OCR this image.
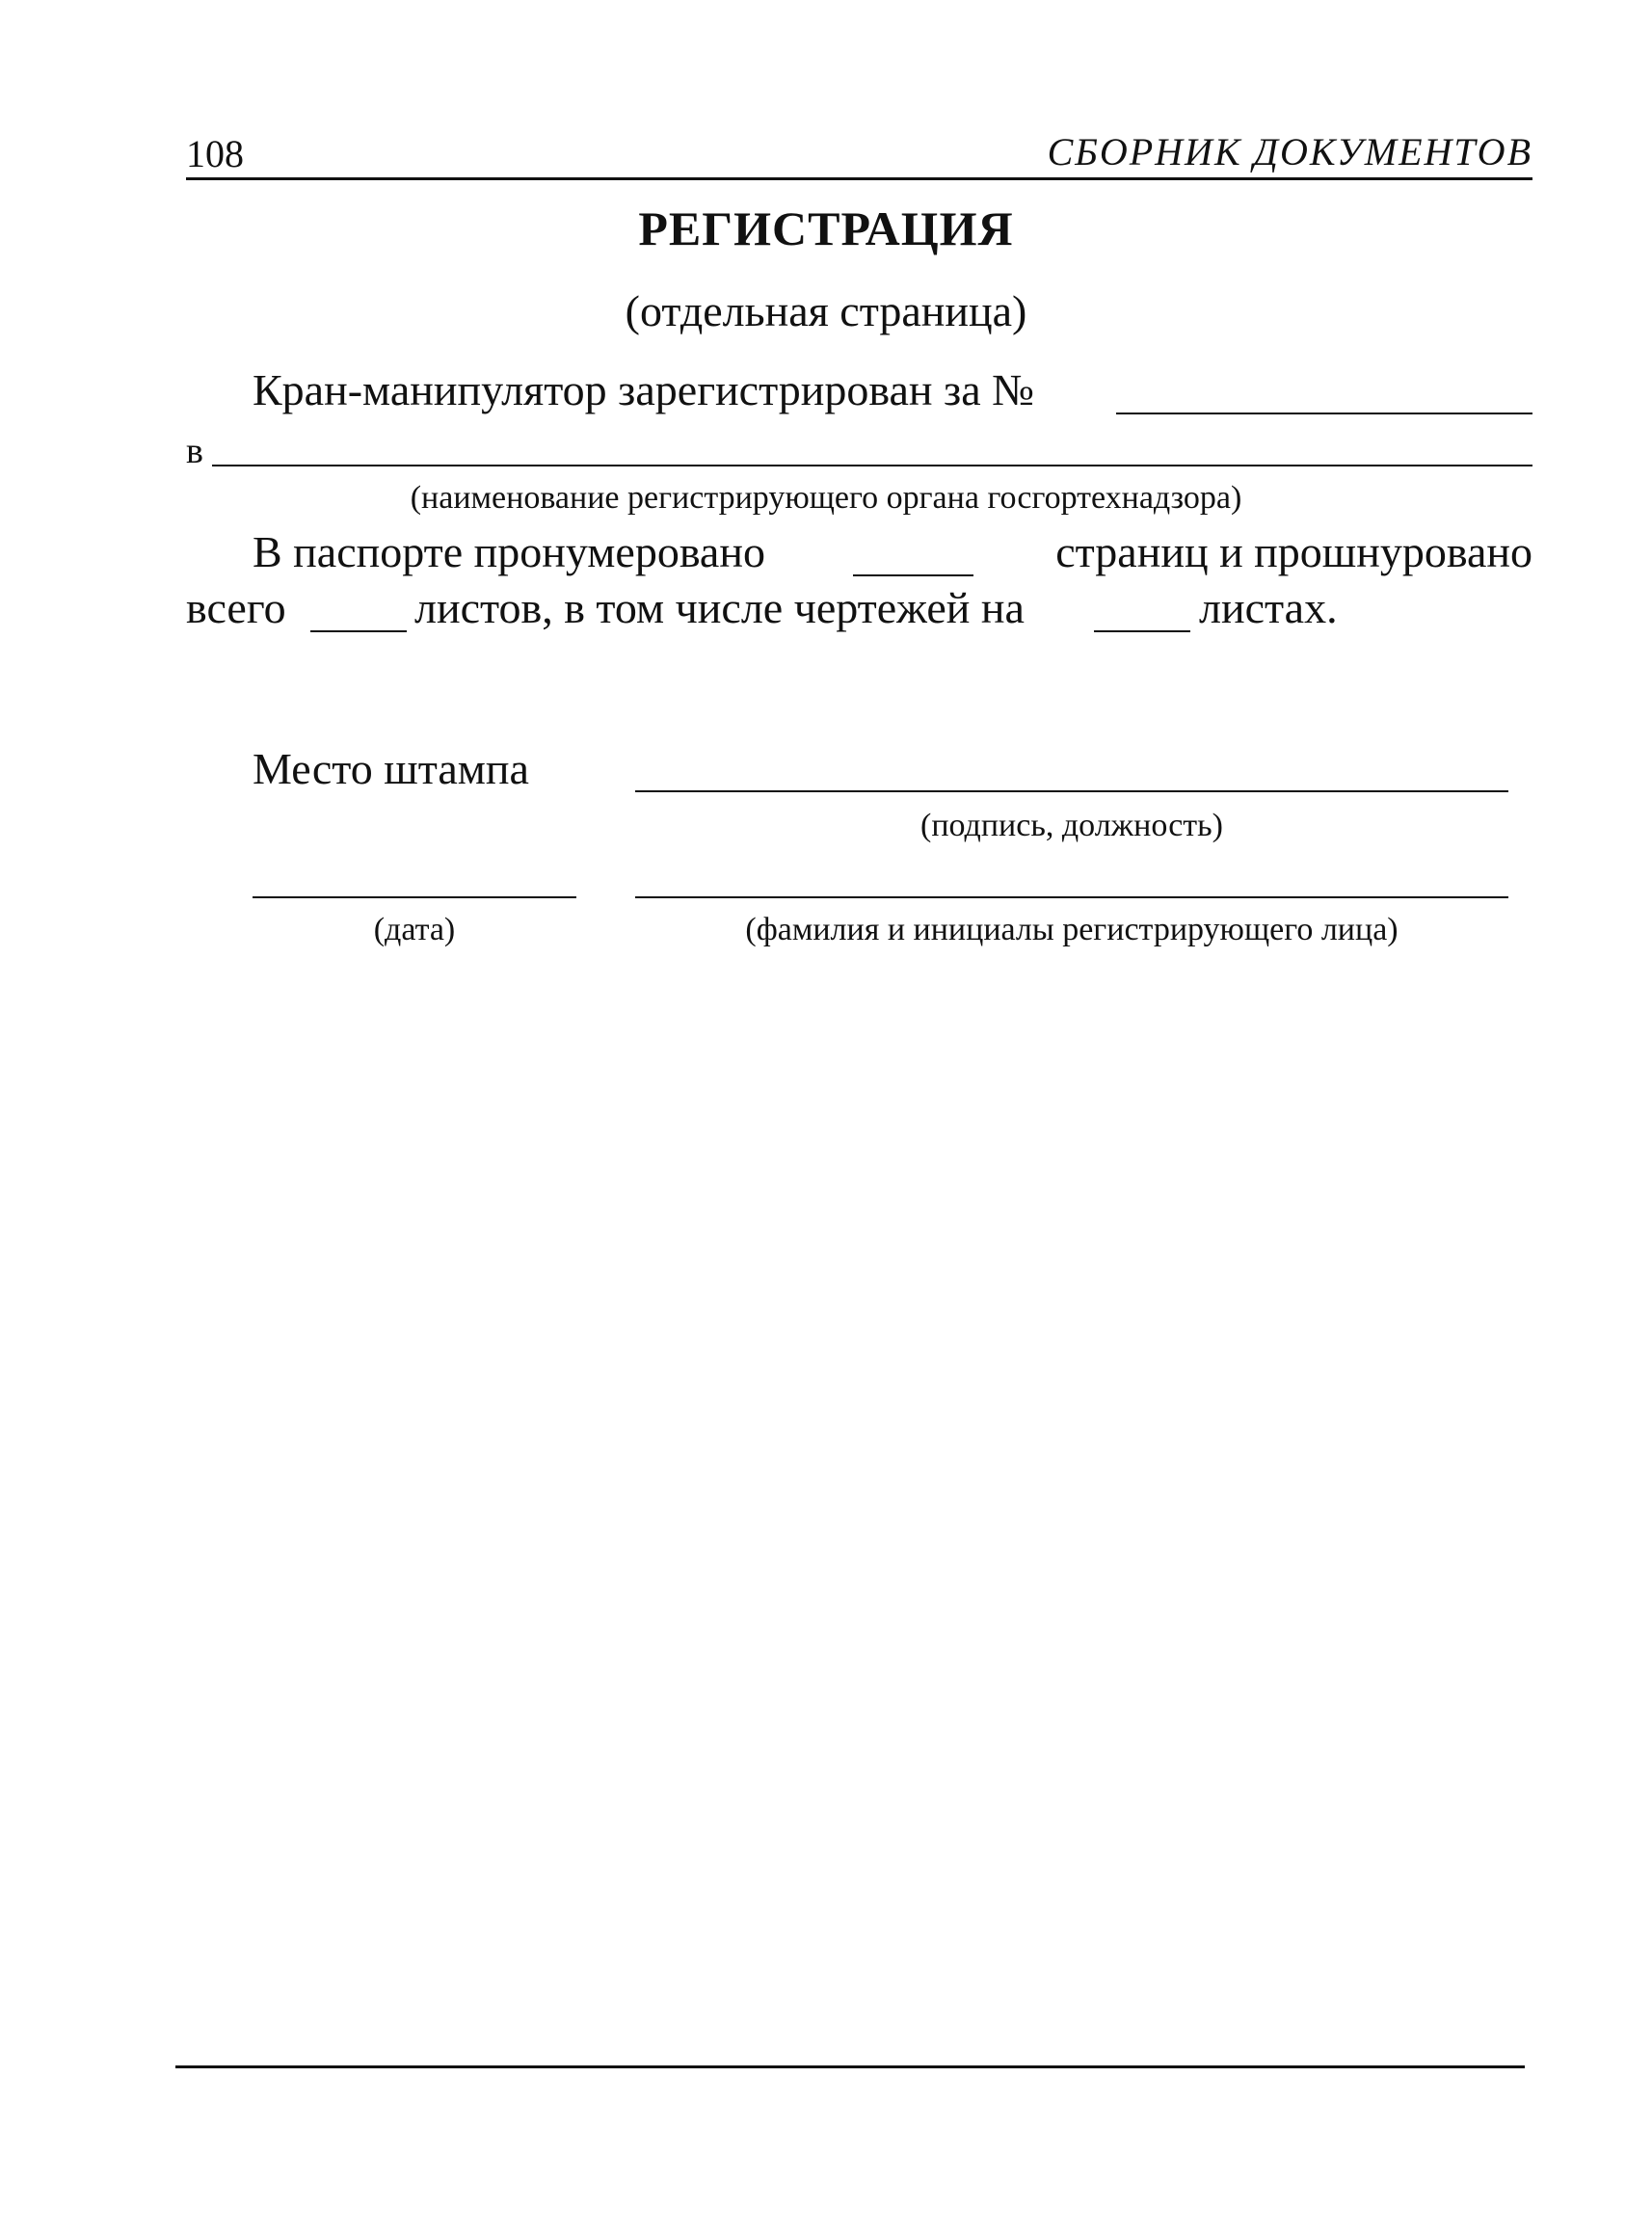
108	СБОРНИК ДОКУМЕНТОВ
РЕГИСТРАЦИЯ
(отдельная страница)
Кран-манипулятор зарегистрирован за №
в
(наименование регистрирующего органа госгортехнадзора)
В паспорте пронумеровано	страниц и прошнуровано
всего	листов, в том числе чертежей на	листах.
Место штампа
(подпись, должность)
(дата)	(фамилия и инициалы регистрирующего лица)
